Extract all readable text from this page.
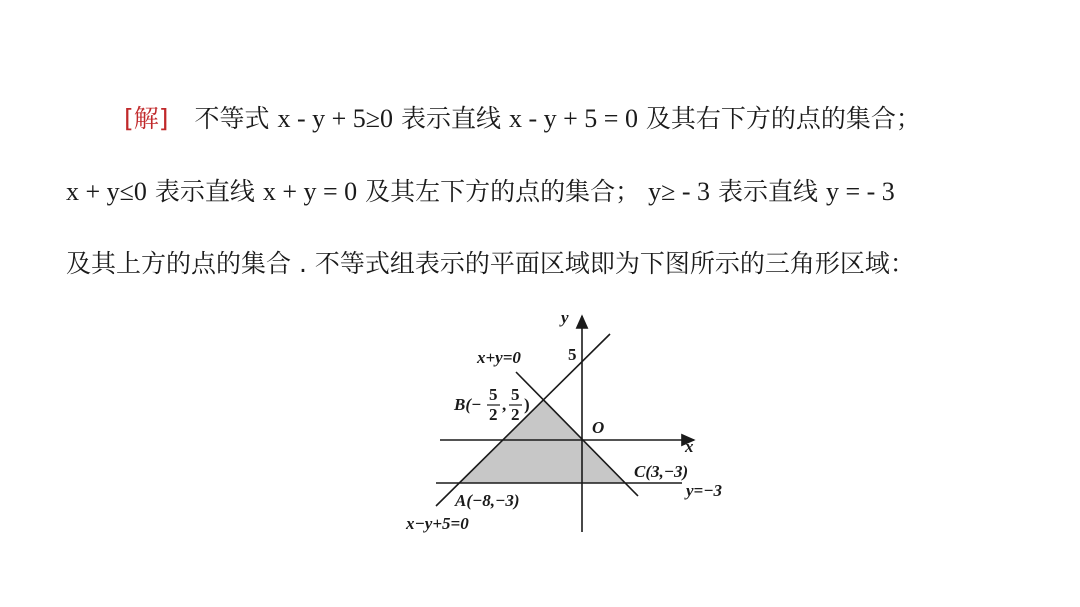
[解] 不等式 x - y + 5≥0 表示直线 x - y + 5 = 0 及其右下方的点的集合；
x + y≤0 表示直线 x + y = 0 及其左下方的点的集合； y≥ - 3 表示直线 y = - 3
及其上方的点的集合 . 不等式组表示的平面区域即为下图所示的三角形区域：
y
x
O
5
x+y=0
x−y+5=0
y=−3
A(−8,−3)
C(3,−3)
B(−
5
2
,
5
2
)
